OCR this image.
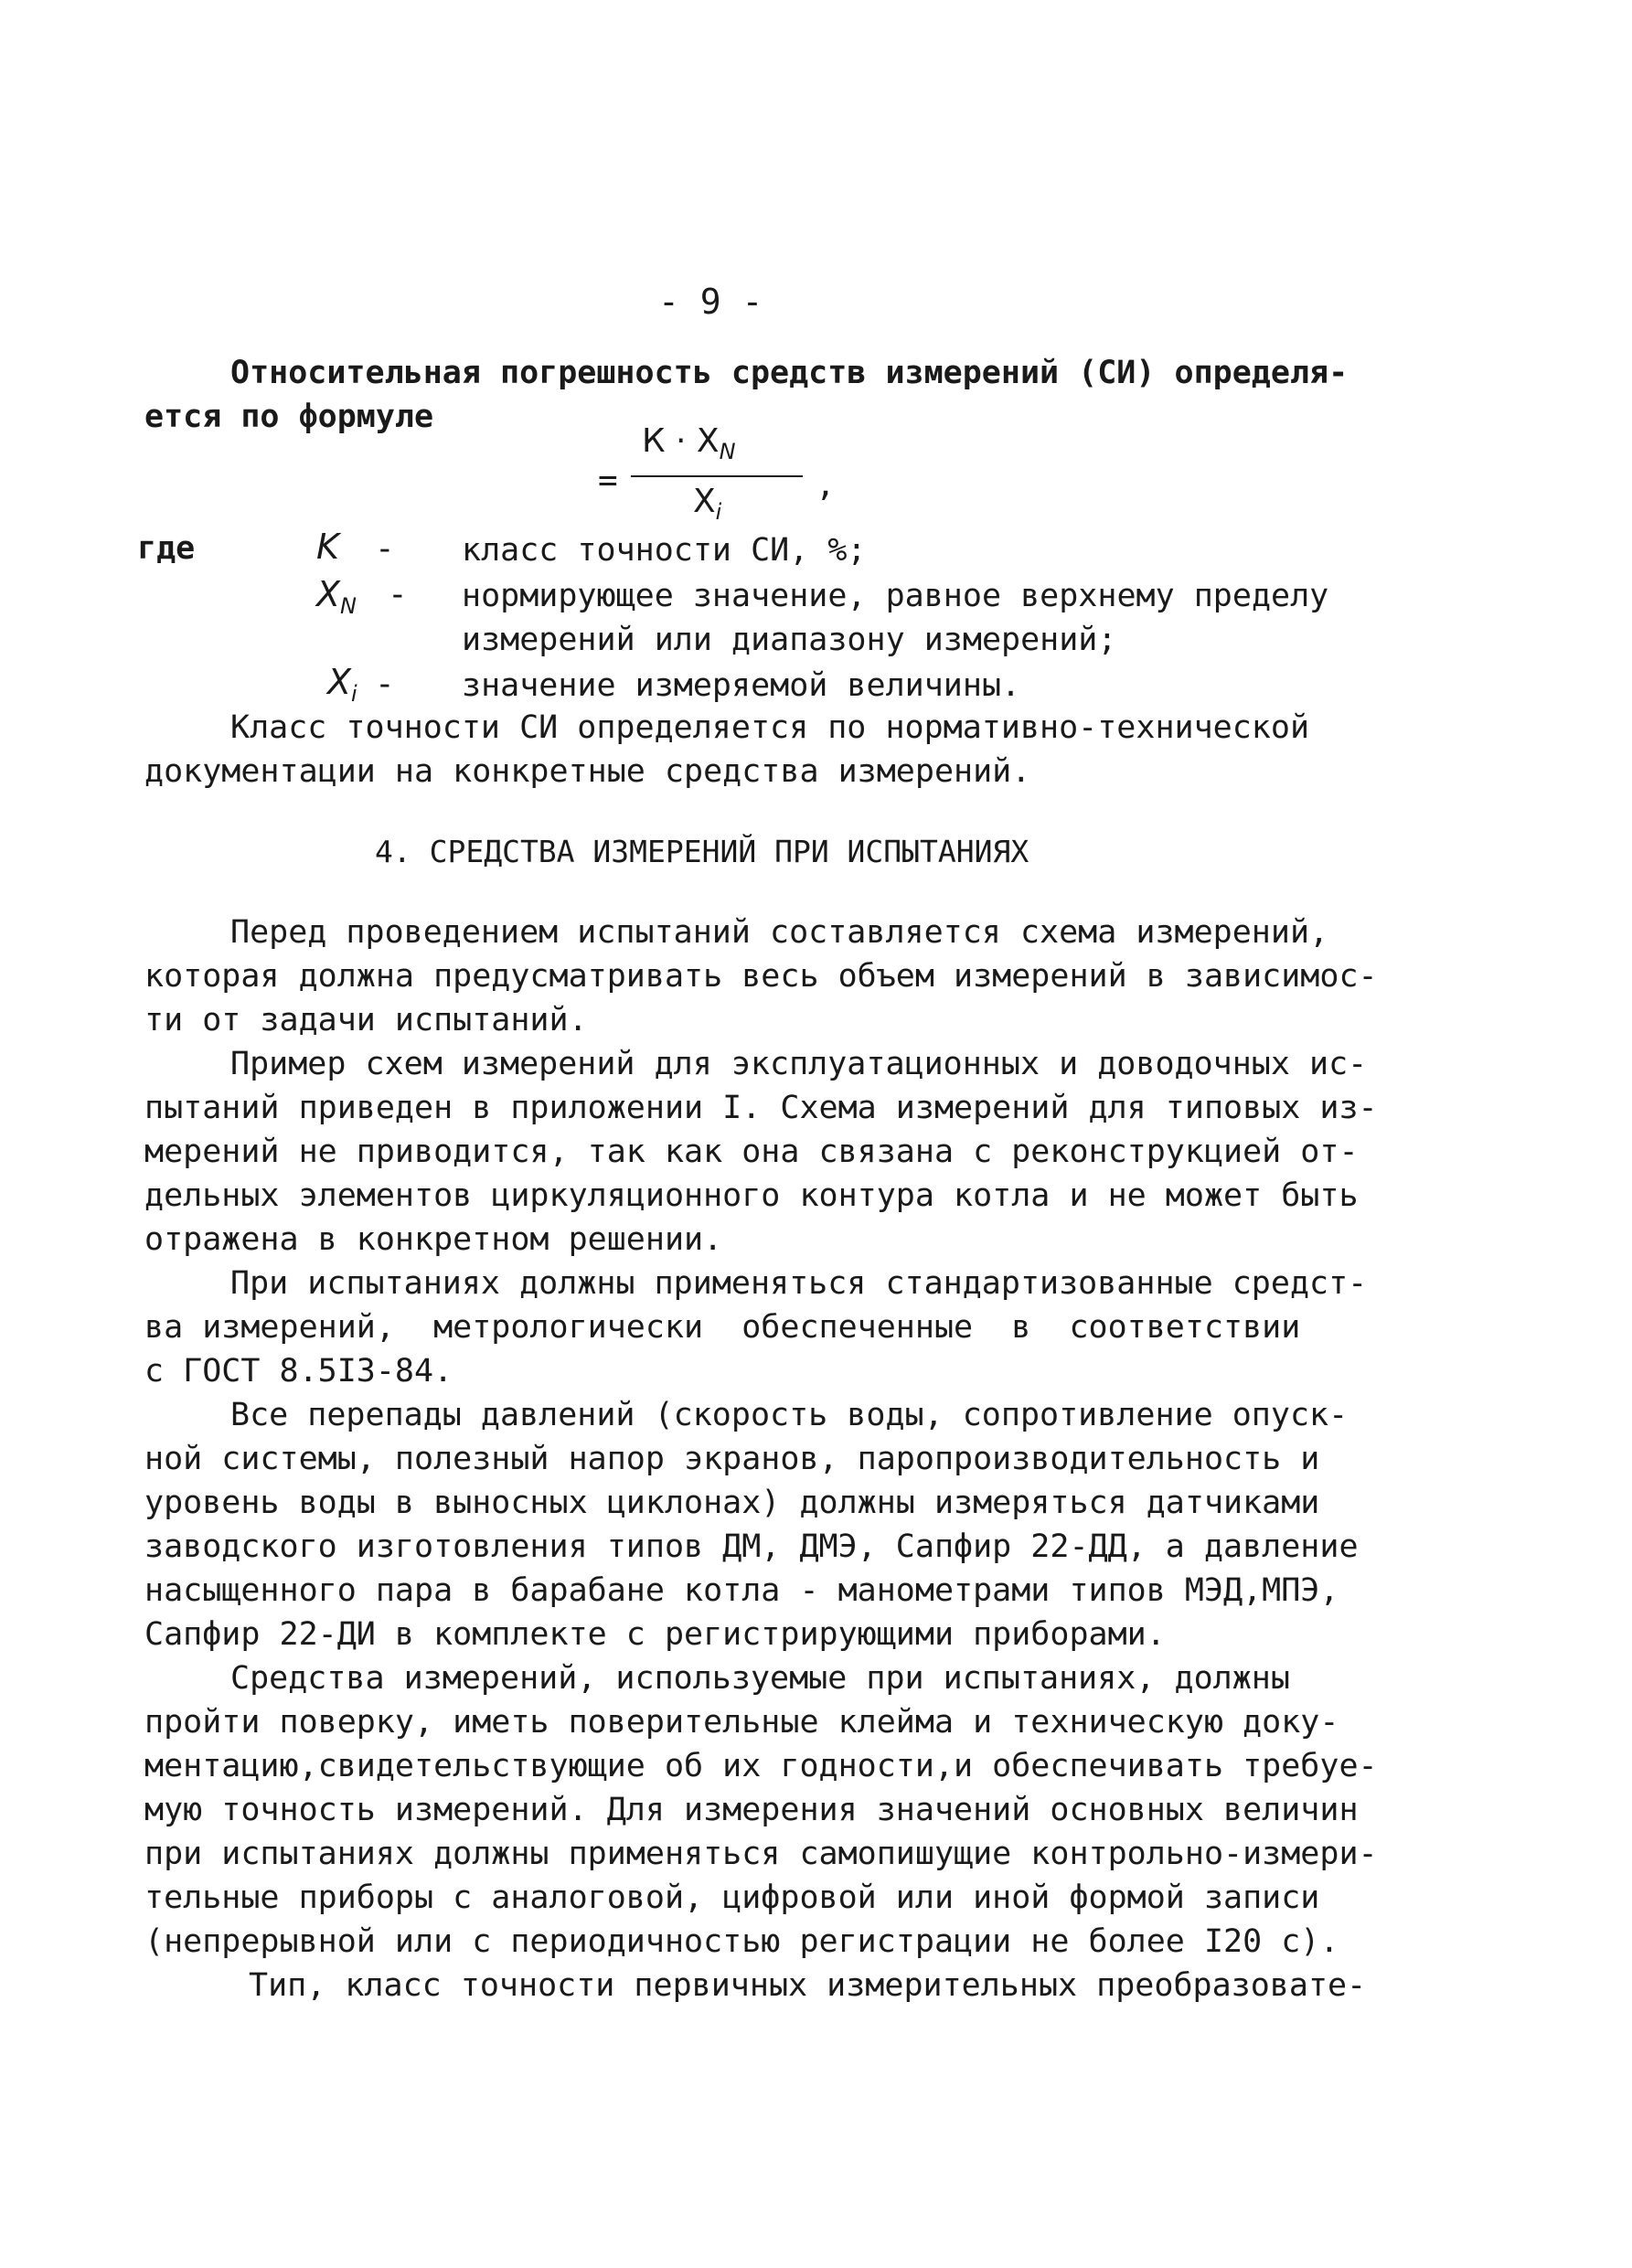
- 9 -
Относительная погрешность средств измерений (СИ) определя-
ется по формуле
=
$К \cdot X_N$
$X_i$
,
где	K - класс точности СИ, %;
$X_N$ - нормирующее значение, равное верхнему пределу
измерений или диапазону измерений;
$X_i$ - значение измеряемой величины.
Класс точности СИ определяется по нормативно-технической
документации на конкретные средства измерений.
4. СРЕДСТВА ИЗМЕРЕНИЙ ПРИ ИСПЫТАНИЯХ
Перед проведением испытаний составляется схема измерений,
которая должна предусматривать весь объем измерений в зависимос-
ти от задачи испытаний.
Пример схем измерений для эксплуатационных и доводочных ис-
пытаний приведен в приложении I. Схема измерений для типовых из-
мерений не приводится, так как она связана с реконструкцией от-
дельных элементов циркуляционного контура котла и не может быть
отражена в конкретном решении.
При испытаниях должны применяться стандартизованные средст-
ва измерений,  метрологически  обеспеченные  в  соответствии
с ГОСТ 8.5I3-84.
Все перепады давлений (скорость воды, сопротивление опуск-
ной системы, полезный напор экранов, паропроизводительность и
уровень воды в выносных циклонах) должны измеряться датчиками
заводского изготовления типов ДМ, ДМЭ, Сапфир 22-ДД, а давление
насыщенного пара в барабане котла - манометрами типов МЭД,МПЭ,
Сапфир 22-ДИ в комплекте с регистрирующими приборами.
Средства измерений, используемые при испытаниях, должны
пройти поверку, иметь поверительные клейма и техническую доку-
ментацию,свидетельствующие об их годности,и обеспечивать требуе-
мую точность измерений. Для измерения значений основных величин
при испытаниях должны применяться самопишущие контрольно-измери-
тельные приборы с аналоговой, цифровой или иной формой записи
(непрерывной или с периодичностью регистрации не более I20 с).
Тип, класс точности первичных измерительных преобразовате-
